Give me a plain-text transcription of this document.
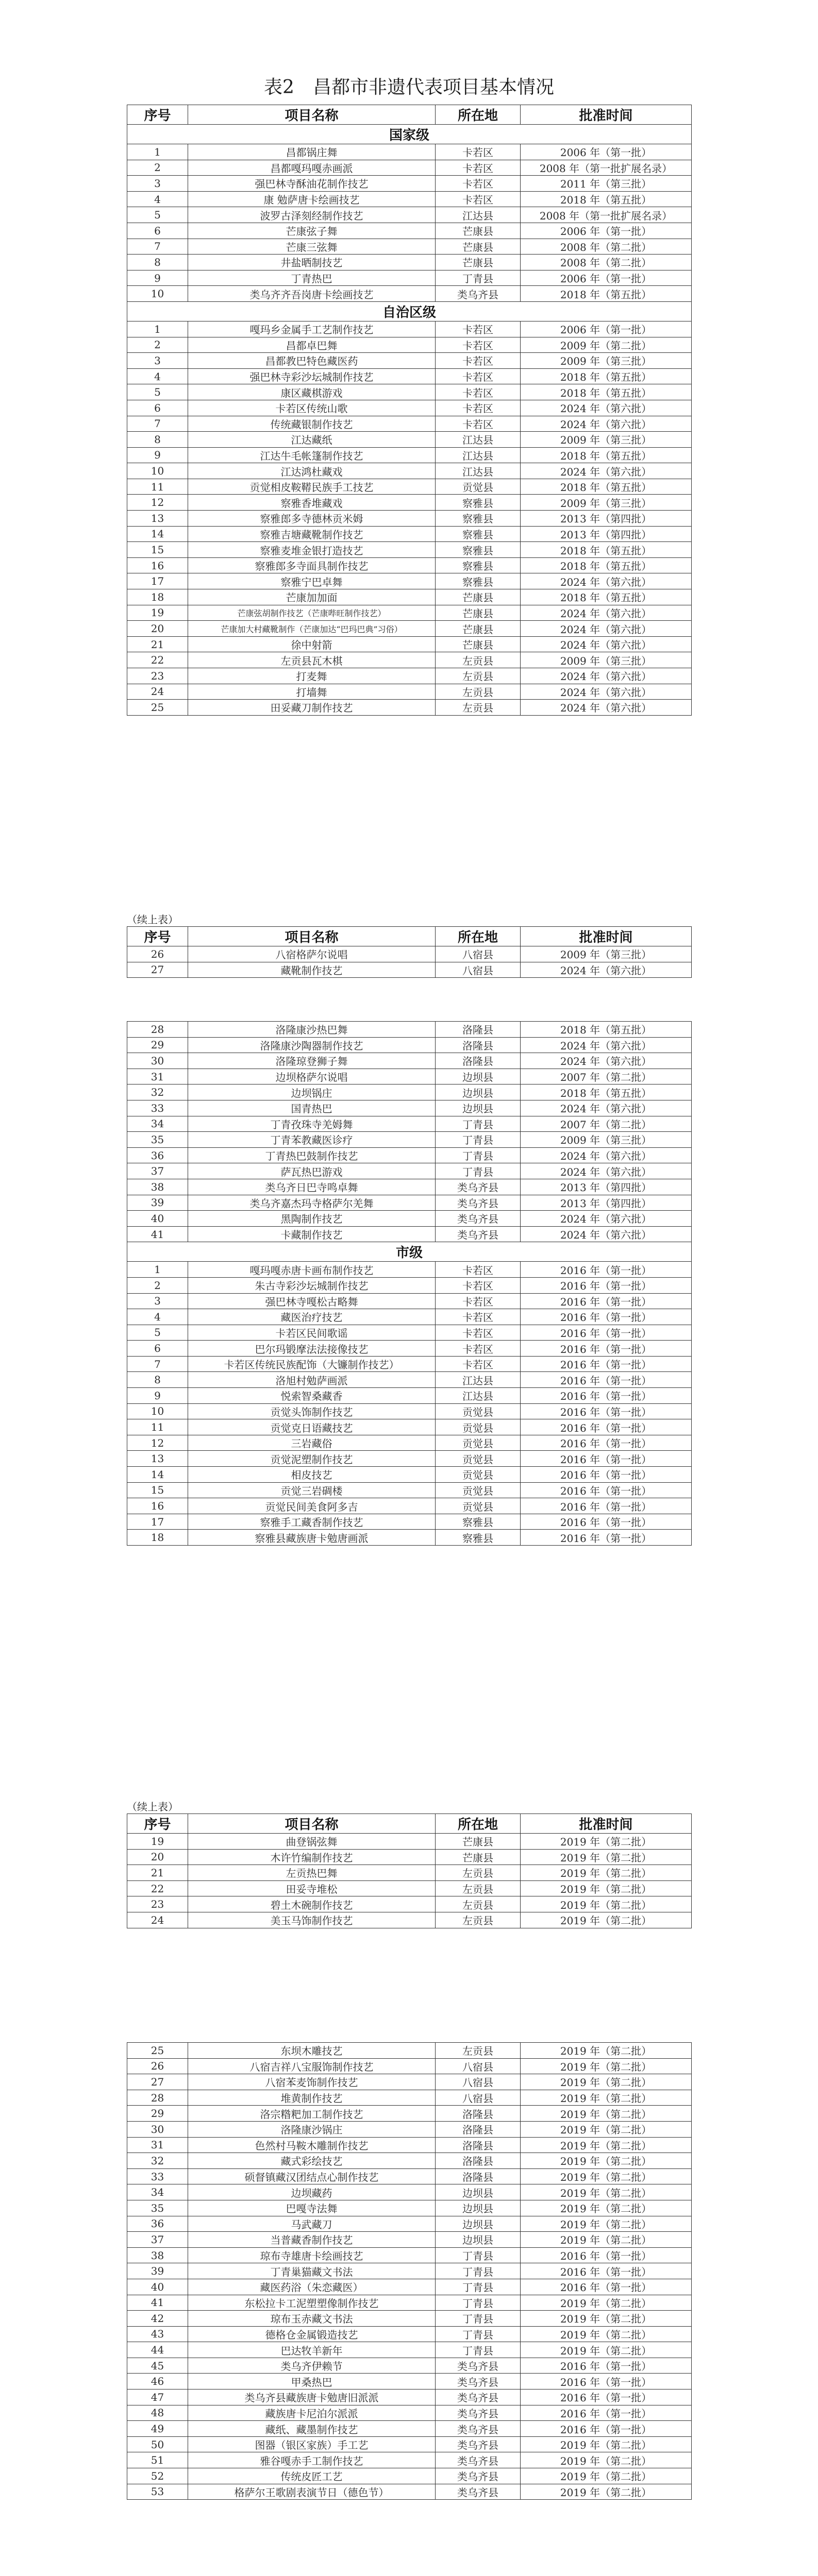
表2　昌都市非遗代表项目基本情况
序号	项目名称	所在地	批准时间
国家级			
1	昌都锅庄舞	卡若区	2006 年（第一批）
2	昌都嘎玛嘎赤画派	卡若区	2008 年（第一批扩展名录）
3	强巴林寺酥油花制作技艺	卡若区	2011 年（第三批）
4	康 勉萨唐卡绘画技艺	卡若区	2018 年（第五批）
5	波罗古泽刻经制作技艺	江达县	2008 年（第一批扩展名录）
6	芒康弦子舞	芒康县	2006 年（第一批）
7	芒康三弦舞	芒康县	2008 年（第二批）
8	井盐晒制技艺	芒康县	2008 年（第二批）
9	丁青热巴	丁青县	2006 年（第一批）
10	类乌齐齐吾岗唐卡绘画技艺	类乌齐县	2018 年（第五批）
自治区级			
1	嘎玛乡金属手工艺制作技艺	卡若区	2006 年（第一批）
2	昌都卓巴舞	卡若区	2009 年（第二批）
3	昌都教巴特色藏医药	卡若区	2009 年（第三批）
4	强巴林寺彩沙坛城制作技艺	卡若区	2018 年（第五批）
5	康区藏棋游戏	卡若区	2018 年（第五批）
6	卡若区传统山歌	卡若区	2024 年（第六批）
7	传统藏银制作技艺	卡若区	2024 年（第六批）
8	江达藏纸	江达县	2009 年（第三批）
9	江达牛毛帐篷制作技艺	江达县	2018 年（第五批）
10	江达鸿杜藏戏	江达县	2024 年（第六批）
11	贡觉相皮鞍鞯民族手工技艺	贡觉县	2018 年（第五批）
12	察雅香堆藏戏	察雅县	2009 年（第三批）
13	察雅郎多寺德林贡米姆	察雅县	2013 年（第四批）
14	察雅吉塘藏靴制作技艺	察雅县	2013 年（第四批）
15	察雅麦堆金银打造技艺	察雅县	2018 年（第五批）
16	察雅郎多寺面具制作技艺	察雅县	2018 年（第五批）
17	察雅宁巴卓舞	察雅县	2024 年（第六批）
18	芒康加加面	芒康县	2018 年（第五批）
19	芒康弦胡制作技艺（芒康哔旺制作技艺）	芒康县	2024 年（第六批）
20	芒康加大村藏靴制作（芒康加达“巴玛巴典”习俗）	芒康县	2024 年（第六批）
21	徐中射箭	芒康县	2024 年（第六批）
22	左贡县瓦木棋	左贡县	2009 年（第三批）
23	打麦舞	左贡县	2024 年（第六批）
24	打墙舞	左贡县	2024 年（第六批）
25	田妥藏刀制作技艺	左贡县	2024 年（第六批）
（续上表）
序号	项目名称	所在地	批准时间
26	八宿格萨尔说唱	八宿县	2009 年（第三批）
27	藏靴制作技艺	八宿县	2024 年（第六批）
28	洛隆康沙热巴舞	洛隆县	2018 年（第五批）
29	洛隆康沙陶器制作技艺	洛隆县	2024 年（第六批）
30	洛隆琼登狮子舞	洛隆县	2024 年（第六批）
31	边坝格萨尔说唱	边坝县	2007 年（第二批）
32	边坝锅庄	边坝县	2018 年（第五批）
33	国青热巴	边坝县	2024 年（第六批）
34	丁青孜珠寺羌姆舞	丁青县	2007 年（第二批）
35	丁青苯教藏医诊疗	丁青县	2009 年（第三批）
36	丁青热巴鼓制作技艺	丁青县	2024 年（第六批）
37	萨瓦热巴游戏	丁青县	2024 年（第六批）
38	类乌齐日巴寺鸣卓舞	类乌齐县	2013 年（第四批）
39	类乌齐嘉杰玛寺格萨尔羌舞	类乌齐县	2013 年（第四批）
40	黑陶制作技艺	类乌齐县	2024 年（第六批）
41	卡藏制作技艺	类乌齐县	2024 年（第六批）
市级			
1	嘎玛嘎赤唐卡画布制作技艺	卡若区	2016 年（第一批）
2	朱古寺彩沙坛城制作技艺	卡若区	2016 年（第一批）
3	强巴林寺嘎松古略舞	卡若区	2016 年（第一批）
4	藏医治疗技艺	卡若区	2016 年（第一批）
5	卡若区民间歌谣	卡若区	2016 年（第一批）
6	巴尔玛锻摩法法接像技艺	卡若区	2016 年（第一批）
7	卡若区传统民族配饰（大镰制作技艺）	卡若区	2016 年（第一批）
8	洛旭村勉萨画派	江达县	2016 年（第一批）
9	悦索智桑藏香	江达县	2016 年（第一批）
10	贡觉头饰制作技艺	贡觉县	2016 年（第一批）
11	贡觉克日语藏技艺	贡觉县	2016 年（第一批）
12	三岩藏俗	贡觉县	2016 年（第一批）
13	贡觉泥塑制作技艺	贡觉县	2016 年（第一批）
14	相皮技艺	贡觉县	2016 年（第一批）
15	贡觉三岩碉楼	贡觉县	2016 年（第一批）
16	贡觉民间美食阿多吉	贡觉县	2016 年（第一批）
17	察雅手工藏香制作技艺	察雅县	2016 年（第一批）
18	察雅县藏族唐卡勉唐画派	察雅县	2016 年（第一批）
（续上表）
序号	项目名称	所在地	批准时间
19	曲登锅弦舞	芒康县	2019 年（第二批）
20	木许竹编制作技艺	芒康县	2019 年（第二批）
21	左贡热巴舞	左贡县	2019 年（第二批）
22	田妥寺堆松	左贡县	2019 年（第二批）
23	碧土木碗制作技艺	左贡县	2019 年（第二批）
24	美玉马饰制作技艺	左贡县	2019 年（第二批）
25	东坝木雕技艺	左贡县	2019 年（第二批）
26	八宿吉祥八宝服饰制作技艺	八宿县	2019 年（第二批）
27	八宿苯麦饰制作技艺	八宿县	2019 年（第二批）
28	堆黄制作技艺	八宿县	2019 年（第二批）
29	洛宗糌粑加工制作技艺	洛隆县	2019 年（第二批）
30	洛隆康沙锅庄	洛隆县	2019 年（第二批）
31	色然村马鞍木雕制作技艺	洛隆县	2019 年（第二批）
32	藏式彩绘技艺	洛隆县	2019 年（第二批）
33	硕督镇藏汉团结点心制作技艺	洛隆县	2019 年（第二批）
34	边坝藏药	边坝县	2019 年（第二批）
35	巴嘎寺法舞	边坝县	2019 年（第二批）
36	马武藏刀	边坝县	2019 年（第二批）
37	当普藏香制作技艺	边坝县	2019 年（第二批）
38	琼布寺雄唐卡绘画技艺	丁青县	2016 年（第一批）
39	丁青巢猫藏文书法	丁青县	2016 年（第一批）
40	藏医药浴（朱恋藏医）	丁青县	2016 年（第一批）
41	东松拉卡工泥塑塑像制作技艺	丁青县	2019 年（第二批）
42	琼布玉赤藏文书法	丁青县	2019 年（第二批）
43	德格仓金属锻造技艺	丁青县	2019 年（第二批）
44	巴达牧羊新年	丁青县	2019 年（第二批）
45	类乌齐伊赖节	类乌齐县	2016 年（第一批）
46	甲桑热巴	类乌齐县	2016 年（第一批）
47	类乌齐县藏族唐卡勉唐旧派派	类乌齐县	2016 年（第一批）
48	藏族唐卡尼泊尔派派	类乌齐县	2016 年（第一批）
49	藏纸、藏墨制作技艺	类乌齐县	2016 年（第一批）
50	图器（银区家族）手工艺	类乌齐县	2019 年（第二批）
51	雅谷嘎赤手工制作技艺	类乌齐县	2019 年（第二批）
52	传统皮匠工艺	类乌齐县	2019 年（第二批）
53	格萨尔王歌剧表演节日（德色节）	类乌齐县	2019 年（第二批）
